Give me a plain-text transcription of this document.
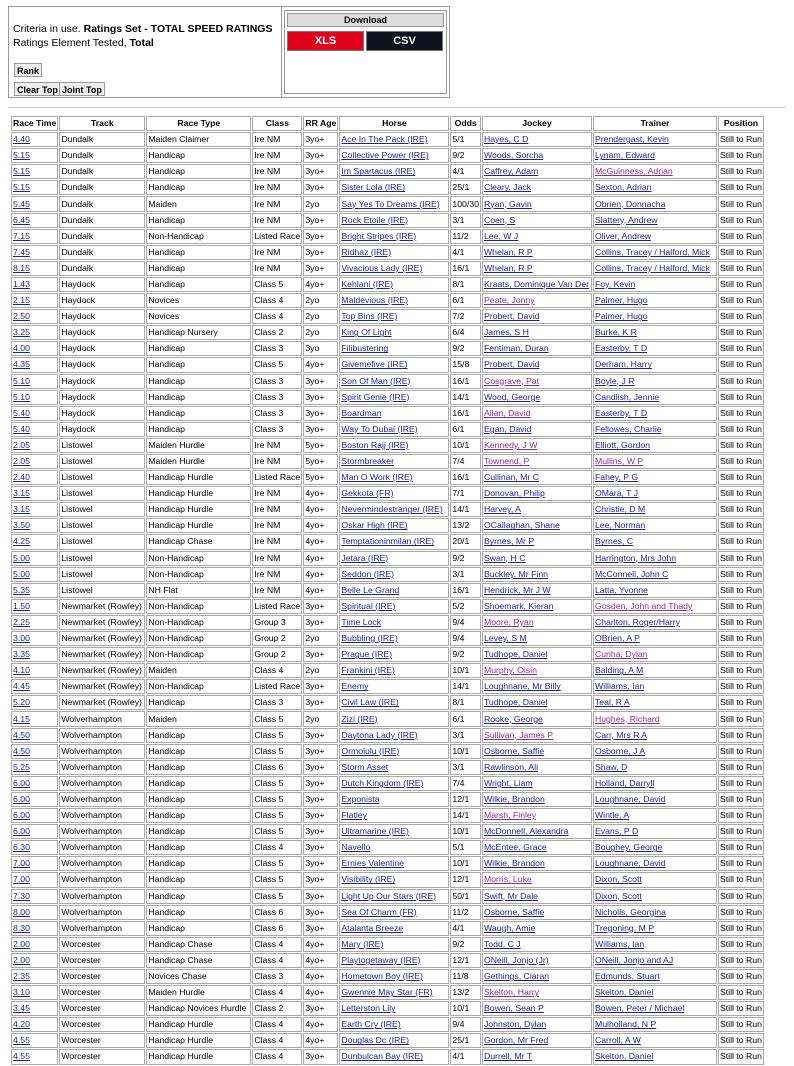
Criteria in use. Ratings Set - TOTAL SPEED RATINGS
Ratings Element Tested, Total
Rank
Clear Top Joint Top
Download
XLS	CSV
Race Time	Track	Race Type	Class	RR Age	Horse	Odds	Jockey	Trainer	Position
4.40	Dundalk	Maiden Claimer	Ire NM	3yo+	Ace In The Pack (IRE)	5/1	Hayes, C D	Prendergast, Kevin	Still to Run
5.15	Dundalk	Handicap	Ire NM	3yo+	Collective Power (IRE)	9/2	Woods, Sorcha	Lynam, Edward	Still to Run
5.15	Dundalk	Handicap	Ire NM	3yo+	Im Spartacus (IRE)	4/1	Caffrey, Adam	McGuinness, Adrian	Still to Run
5.15	Dundalk	Handicap	Ire NM	3yo+	Sister Lola (IRE)	25/1	Cleary, Jack	Sexton, Adrian	Still to Run
5.45	Dundalk	Maiden	Ire NM	2yo	Say Yes To Dreams (IRE)	100/30	Ryan, Gavin	Obrien, Donnacha	Still to Run
6.45	Dundalk	Handicap	Ire NM	3yo+	Rock Etoile (IRE)	3/1	Coen, S	Slattery, Andrew	Still to Run
7.15	Dundalk	Non-Handicap	Listed Race	3yo+	Bright Stripes (IRE)	11/2	Lee, W J	Oliver, Andrew	Still to Run
7.45	Dundalk	Handicap	Ire NM	3yo+	Ridhaz (IRE)	4/1	Whelan, R P	Collins, Tracey / Halford, Mick	Still to Run
8.15	Dundalk	Handicap	Ire NM	3yo+	Vivacious Lady (IRE)	16/1	Whelan, R P	Collins, Tracey / Halford, Mick	Still to Run
1.43	Haydock	Handicap	Class 5	4yo+	Kehlani (IRE)	8/1	Kraats, Dominique Van Der	Foy, Kevin	Still to Run
2.15	Haydock	Novices	Class 4	2yo	Maldevious (IRE)	6/1	Peate, Jonny	Palmer, Hugo	Still to Run
2.50	Haydock	Novices	Class 4	2yo	Top Bins (IRE)	7/2	Probert, David	Palmer, Hugo	Still to Run
3.25	Haydock	Handicap Nursery	Class 2	2yo	King Of Light	6/4	James, S H	Burke, K R	Still to Run
4.00	Haydock	Handicap	Class 3	3yo	Filibustering	9/2	Fentiman, Duran	Easterby, T D	Still to Run
4.35	Haydock	Handicap	Class 5	4yo+	Givemefive (IRE)	15/8	Probert, David	Derham, Harry	Still to Run
5.10	Haydock	Handicap	Class 3	3yo+	Son Of Man (IRE)	16/1	Cosgrave, Pat	Boyle, J R	Still to Run
5.10	Haydock	Handicap	Class 3	3yo+	Spirit Genie (IRE)	14/1	Wood, George	Candlish, Jennie	Still to Run
5.40	Haydock	Handicap	Class 3	3yo+	Boardman	16/1	Allan, David	Easterby, T D	Still to Run
5.40	Haydock	Handicap	Class 3	3yo+	Way To Dubai (IRE)	6/1	Egan, David	Fellowes, Charlie	Still to Run
2.05	Listowel	Maiden Hurdle	Ire NM	5yo+	Boston Rajj (IRE)	10/1	Kennedy, J W	Elliott, Gordon	Still to Run
2.05	Listowel	Maiden Hurdle	Ire NM	5yo+	Stormbreaker	7/4	Townend, P	Mullins, W P	Still to Run
2.40	Listowel	Handicap Hurdle	Listed Race	5yo+	Man O Work (IRE)	16/1	Cullinan, Mr C	Fahey, P G	Still to Run
3.15	Listowel	Handicap Hurdle	Ire NM	4yo+	Gekkota (FR)	7/1	Donovan, Philip	OMara, T J	Still to Run
3.15	Listowel	Handicap Hurdle	Ire NM	4yo+	Nevermindestranger (IRE)	14/1	Harvey, A	Christie, D M	Still to Run
3.50	Listowel	Handicap Hurdle	Ire NM	4yo+	Oskar High (IRE)	13/2	OCallaghan, Shane	Lee, Norman	Still to Run
4.25	Listowel	Handicap Chase	Ire NM	4yo+	Temptationinmilan (IRE)	20/1	Byrnes, Mr P	Byrnes, C	Still to Run
5.00	Listowel	Non-Handicap	Ire NM	4yo+	Jetara (IRE)	9/2	Swan, H C	Harrington, Mrs John	Still to Run
5.00	Listowel	Non-Handicap	Ire NM	4yo+	Seddon (IRE)	3/1	Buckley, Mr Finn	McConnell, John C	Still to Run
5.35	Listowel	NH Flat	Ire NM	4yo+	Belle Le Grand	16/1	Hendrick, Mr J W	Latta, Yvonne	Still to Run
1.50	Newmarket (Rowley)	Non-Handicap	Listed Race	3yo+	Spiritual (IRE)	5/2	Shoemark, Kieran	Gosden, John and Thady	Still to Run
2.25	Newmarket (Rowley)	Non-Handicap	Group 3	3yo+	Time Lock	9/4	Moore, Ryan	Charlton, Roger/Harry	Still to Run
3.00	Newmarket (Rowley)	Non-Handicap	Group 2	2yo	Bubbling (IRE)	9/4	Levey, S M	OBrien, A P	Still to Run
3.35	Newmarket (Rowley)	Non-Handicap	Group 2	3yo+	Prague (IRE)	9/2	Tudhope, Daniel	Cunha, Dylan	Still to Run
4.10	Newmarket (Rowley)	Maiden	Class 4	2yo	Frankini (IRE)	10/1	Murphy, Oisin	Balding, A M	Still to Run
4.45	Newmarket (Rowley)	Non-Handicap	Listed Race	3yo+	Enemy	14/1	Loughnane, Mr Billy	Williams, Ian	Still to Run
5.20	Newmarket (Rowley)	Handicap	Class 3	3yo+	Civil Law (IRE)	8/1	Tudhope, Daniel	Teal, R A	Still to Run
4.15	Wolverhampton	Maiden	Class 5	2yo	Zizi (IRE)	6/1	Rooke, George	Hughes, Richard	Still to Run
4.50	Wolverhampton	Handicap	Class 5	3yo+	Daytona Lady (IRE)	3/1	Sullivan, James P	Carr, Mrs R A	Still to Run
4.50	Wolverhampton	Handicap	Class 5	3yo+	Ormolulu (IRE)	10/1	Osborne, Saffie	Osborne, J A	Still to Run
5.25	Wolverhampton	Handicap	Class 6	3yo+	Storm Asset	3/1	Rawlinson, Ali	Shaw, D	Still to Run
6.00	Wolverhampton	Handicap	Class 5	3yo+	Dutch Kingdom (IRE)	7/4	Wright, Liam	Holland, Darryll	Still to Run
6.00	Wolverhampton	Handicap	Class 5	3yo+	Exponista	12/1	Wilkie, Brandon	Loughnane, David	Still to Run
6.00	Wolverhampton	Handicap	Class 5	3yo+	Flatley	14/1	Marsh, Finley	Wintle, A	Still to Run
6.00	Wolverhampton	Handicap	Class 5	3yo+	Ultramarine (IRE)	10/1	McDonnell, Alexandra	Evans, P D	Still to Run
6.30	Wolverhampton	Handicap	Class 4	3yo+	Navello	5/1	McEntee, Grace	Boughey, George	Still to Run
7.00	Wolverhampton	Handicap	Class 5	3yo+	Ernies Valentine	10/1	Wilkie, Brandon	Loughnane, David	Still to Run
7.00	Wolverhampton	Handicap	Class 5	3yo+	Visibility (IRE)	12/1	Morris, Luke	Dixon, Scott	Still to Run
7.30	Wolverhampton	Handicap	Class 5	3yo+	Light Up Our Stars (IRE)	50/1	Swift, Mr Dale	Dixon, Scott	Still to Run
8.00	Wolverhampton	Handicap	Class 6	3yo+	Sea Of Charm (FR)	11/2	Osborne, Saffie	Nicholls, Georgina	Still to Run
8.30	Wolverhampton	Handicap	Class 6	3yo+	Atalanta Breeze	4/1	Waugh, Amie	Tregoning, M P	Still to Run
2.00	Worcester	Handicap Chase	Class 4	4yo+	Mary (IRE)	9/2	Todd, C J	Williams, Ian	Still to Run
2.00	Worcester	Handicap Chase	Class 4	4yo+	Playtogetaway (IRE)	12/1	ONeill, Jonjo (Jr)	ONeill, Jonjo and AJ	Still to Run
2.35	Worcester	Novices Chase	Class 3	4yo+	Hometown Boy (IRE)	11/8	Gethings, Ciaran	Edmunds, Stuart	Still to Run
3.10	Worcester	Maiden Hurdle	Class 4	4yo+	Gwennie May Star (FR)	13/2	Skelton, Harry	Skelton, Daniel	Still to Run
3.45	Worcester	Handicap Novices Hurdle	Class 2	3yo+	Letterston Lily	10/1	Bowen, Sean P	Bowen, Peter / Michael	Still to Run
4.20	Worcester	Handicap Hurdle	Class 4	4yo+	Earth Cry (IRE)	9/4	Johnston, Dylan	Mulholland, N P	Still to Run
4.55	Worcester	Handicap Hurdle	Class 4	4yo+	Douglas Dc (IRE)	25/1	Gordon, Mr Fred	Carroll, A W	Still to Run
4.55	Worcester	Handicap Hurdle	Class 4	3yo+	Dunbulcan Bay (IRE)	4/1	Durrell, Mr T	Skelton, Daniel	Still to Run
